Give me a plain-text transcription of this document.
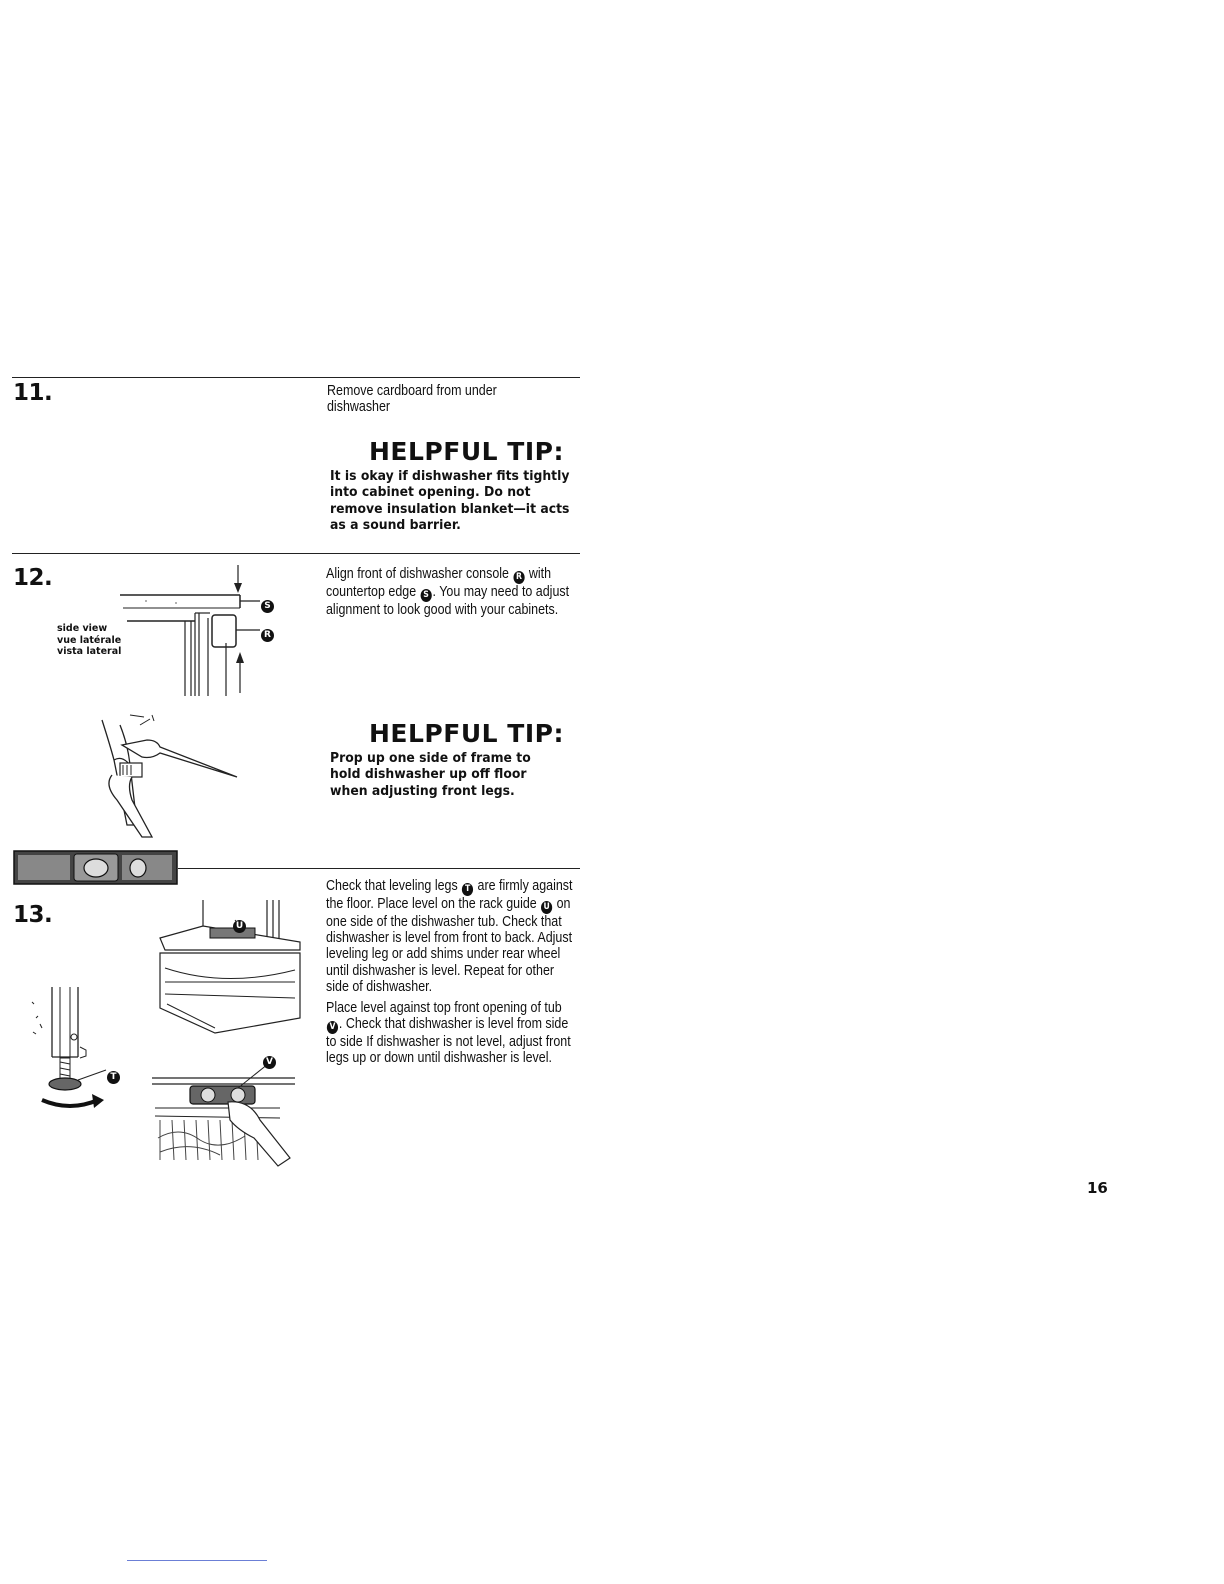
11.	Remove cardboard from under dishwasher

HELPFUL TIP:
It is okay if dishwasher fits tightly into cabinet opening. Do not remove insulation blanket—it acts as a sound barrier.
12.
side view
vue latérale
vista lateral
S
R
Align front of dishwasher console R with countertop edge S . You may need to adjust alignment to look good with your cabinets.
HELPFUL TIP:
Prop up one side of frame to hold dishwasher up off floor when adjusting front legs.
13.

Check that leveling legs T are firmly against the floor. Place level on the rack guide U on one side of the dishwasher tub. Check that dishwasher is level from front to back. Adjust leveling leg or add shims under rear wheel until dishwasher is level. Repeat for other side of dishwasher.

Place level against top front opening of tub V . Check that dishwasher is level from side to side If dishwasher is not level, adjust front legs up or down until dishwasher is level.

U
T
V
16
